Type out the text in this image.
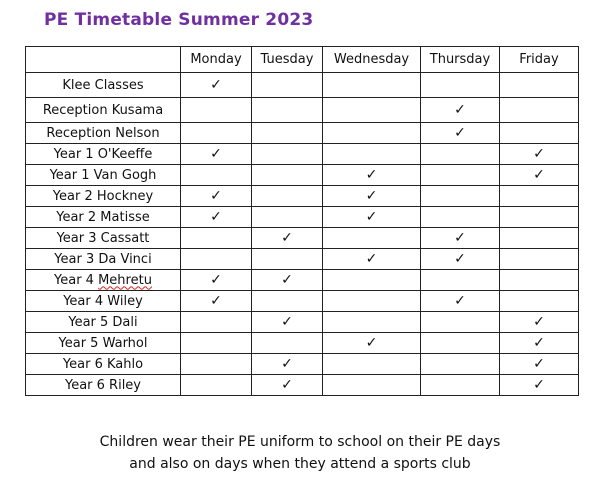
PE Timetable Summer 2023
	Monday	Tuesday	Wednesday	Thursday	Friday
Klee Classes	✓				
Reception Kusama				✓	
Reception Nelson				✓	
Year 1 O'Keeffe	✓				✓
Year 1 Van Gogh			✓		✓
Year 2 Hockney	✓		✓		
Year 2 Matisse	✓		✓		
Year 3 Cassatt		✓		✓	
Year 3 Da Vinci			✓	✓	
Year 4 Mehretu	✓	✓			
Year 4 Wiley	✓			✓	
Year 5 Dali		✓			✓
Year 5 Warhol			✓		✓
Year 6 Kahlo		✓			✓
Year 6 Riley		✓			✓
Children wear their PE uniform to school on their PE days
and also on days when they attend a sports club
